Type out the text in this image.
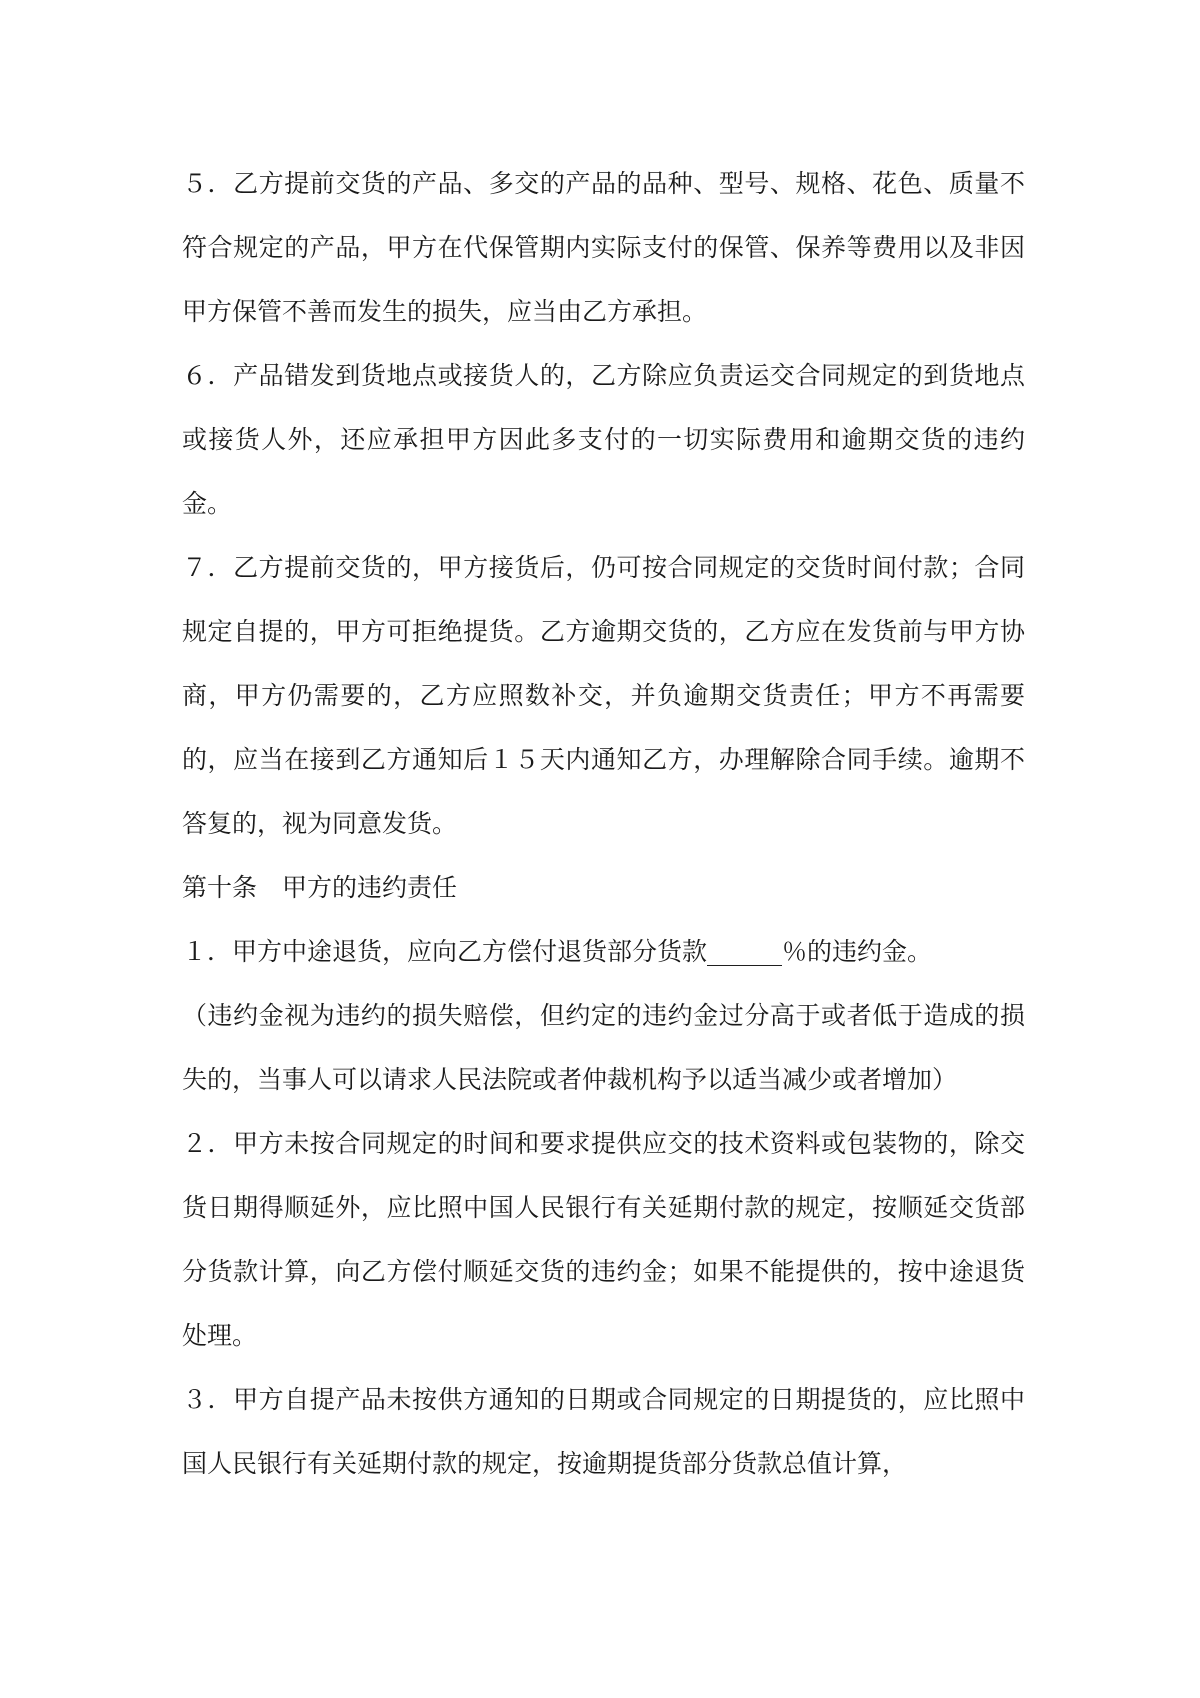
５．乙方提前交货的产品、多交的产品的品种、型号、规格、花色、质量不符合规定的产品，甲方在代保管期内实际支付的保管、保养等费用以及非因甲方保管不善而发生的损失，应当由乙方承担。

６．产品错发到货地点或接货人的，乙方除应负责运交合同规定的到货地点或接货人外，还应承担甲方因此多支付的一切实际费用和逾期交货的违约金。

７．乙方提前交货的，甲方接货后，仍可按合同规定的交货时间付款；合同规定自提的，甲方可拒绝提货。乙方逾期交货的，乙方应在发货前与甲方协商，甲方仍需要的，乙方应照数补交，并负逾期交货责任；甲方不再需要的，应当在接到乙方通知后１５天内通知乙方，办理解除合同手续。逾期不答复的，视为同意发货。

第十条　甲方的违约责任

１．甲方中途退货，应向乙方偿付退货部分货款______％的违约金。

（违约金视为违约的损失赔偿，但约定的违约金过分高于或者低于造成的损失的，当事人可以请求人民法院或者仲裁机构予以适当减少或者增加）

２．甲方未按合同规定的时间和要求提供应交的技术资料或包装物的，除交货日期得顺延外，应比照中国人民银行有关延期付款的规定，按顺延交货部分货款计算，向乙方偿付顺延交货的违约金；如果不能提供的，按中途退货处理。

３．甲方自提产品未按供方通知的日期或合同规定的日期提货的，应比照中国人民银行有关延期付款的规定，按逾期提货部分货款总值计算，
